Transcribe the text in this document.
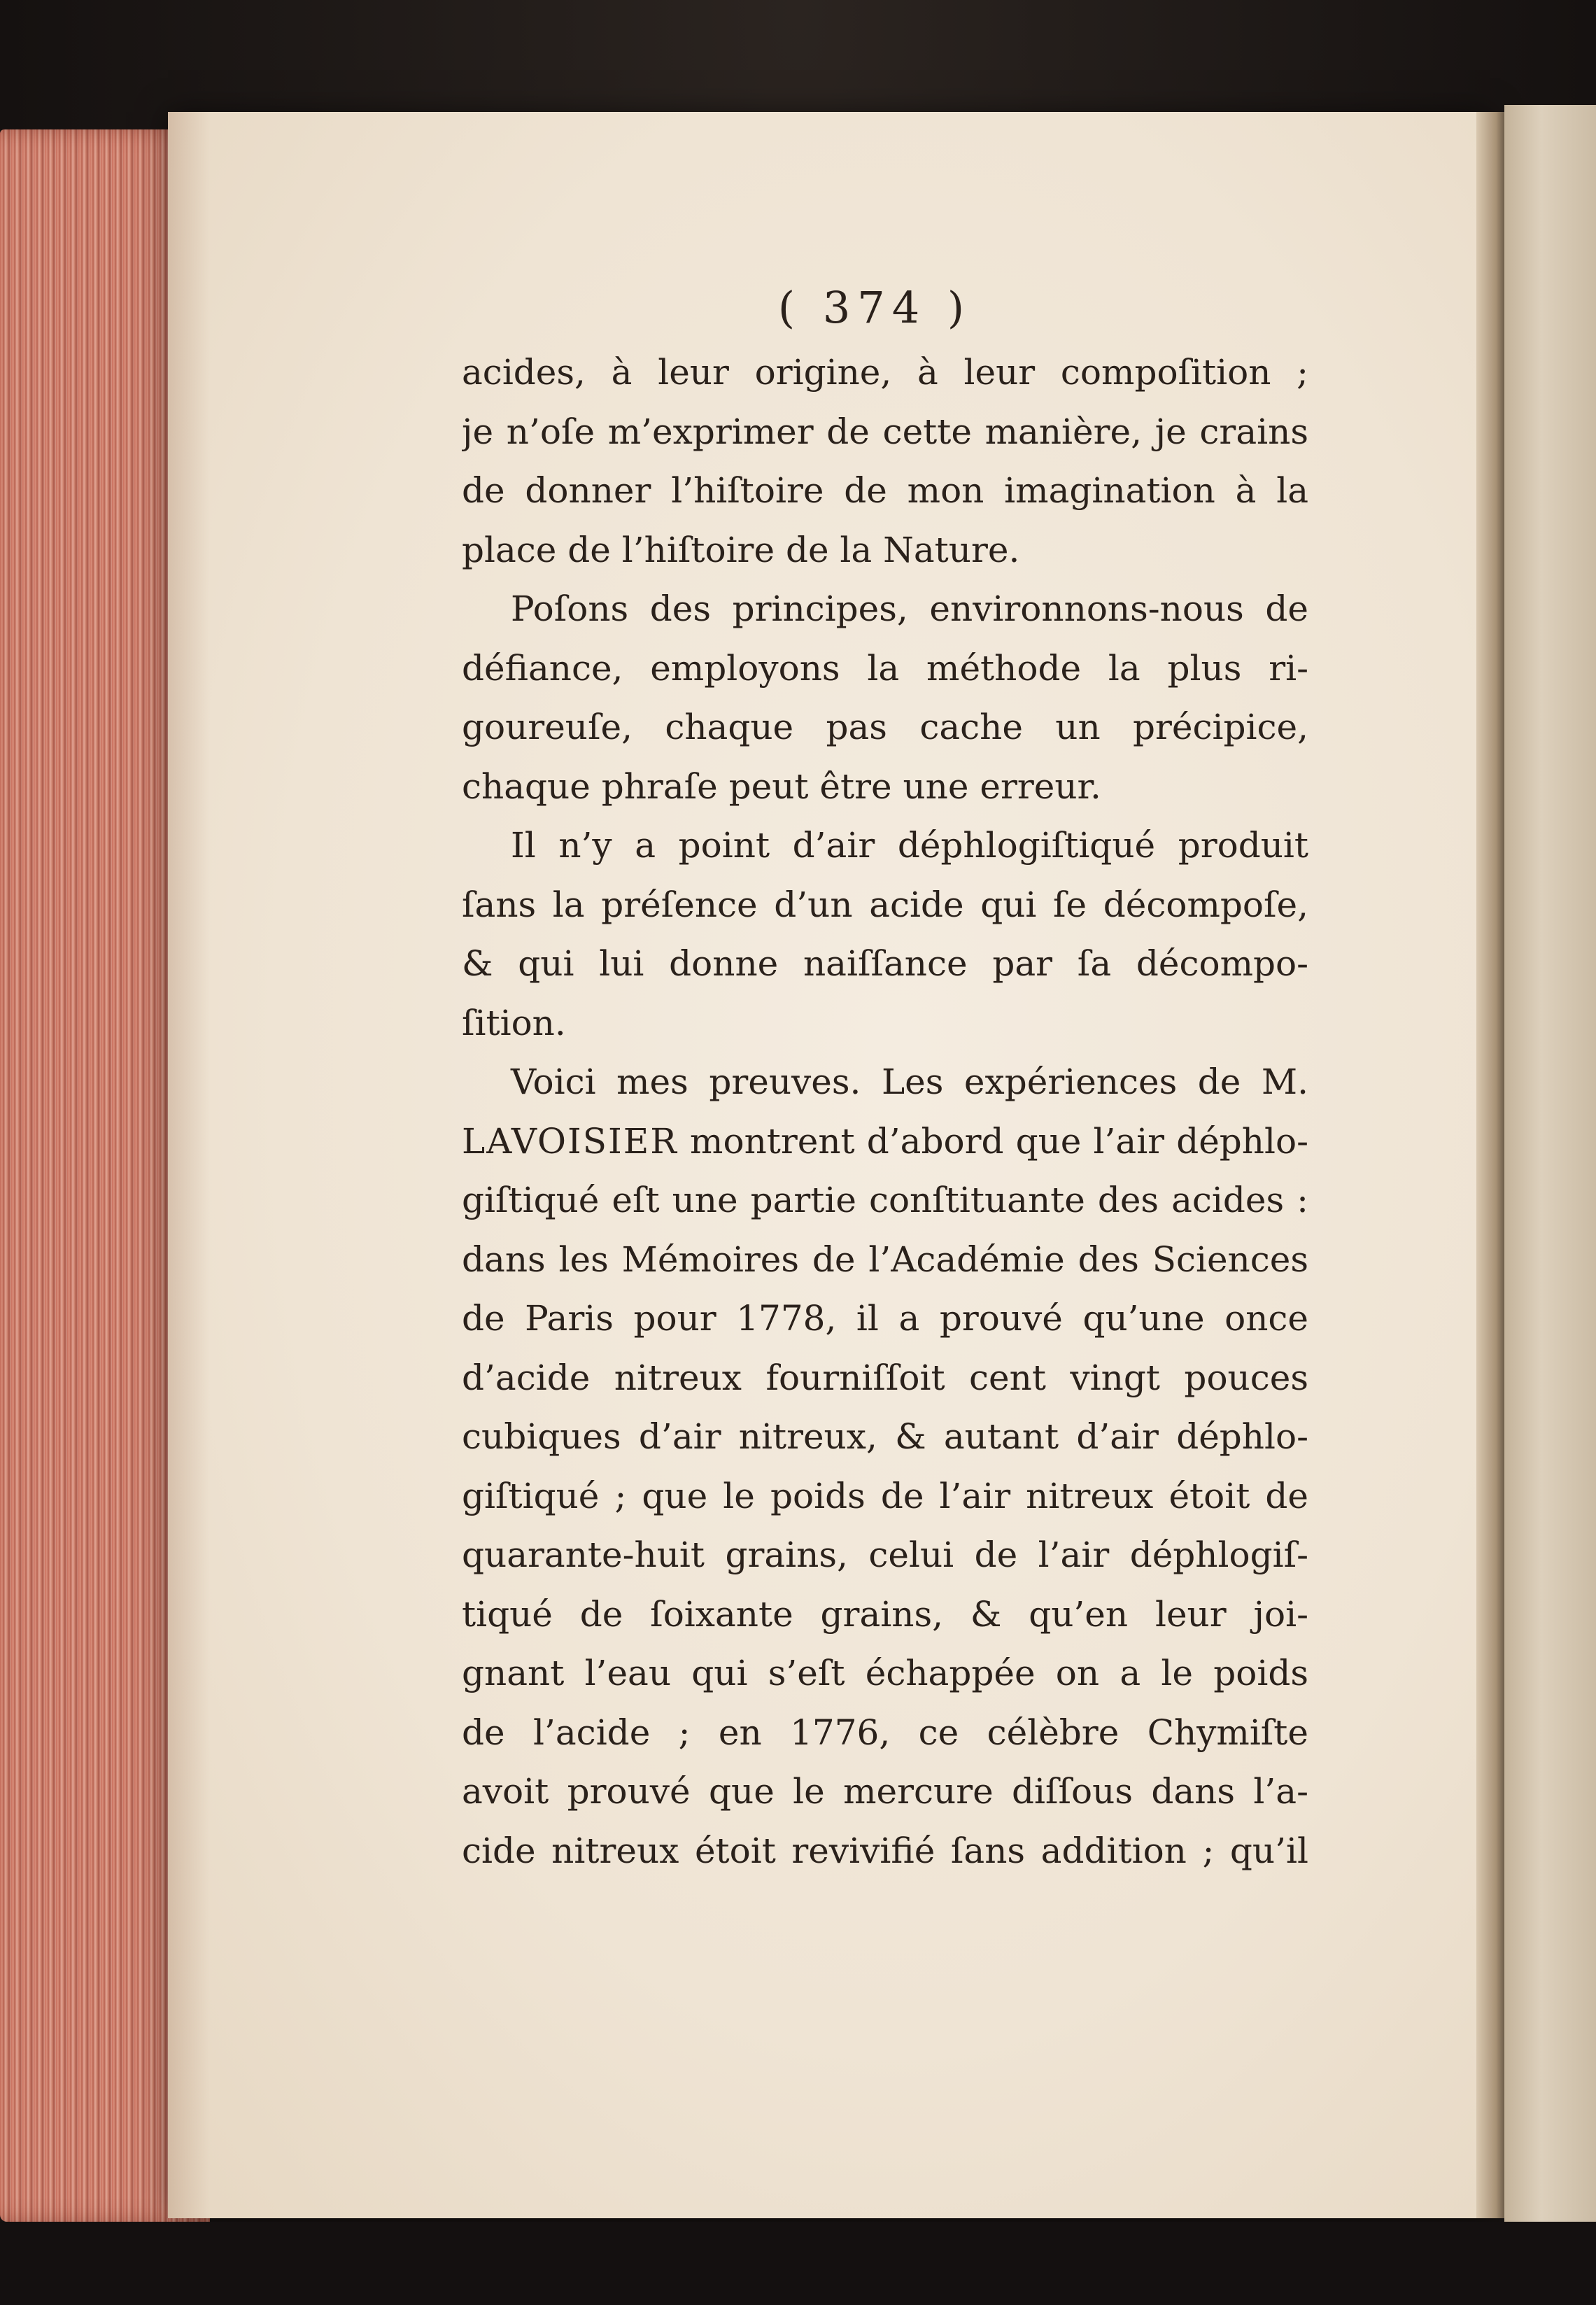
( 374 )
acides, à leur origine, à leur compoſition ;
je n’oſe m’exprimer de cette manière, je crains
de donner l’hiſtoire de mon imagination à la
place de l’hiſtoire de la Nature.
Poſons des principes, environnons-nous de
défiance, employons la méthode la plus ri-
goureuſe, chaque pas cache un précipice,
chaque phraſe peut être une erreur.
Il n’y a point d’air déphlogiſtiqué produit
ſans la préſence d’un acide qui ſe décompoſe,
& qui lui donne naiſſance par ſa décompo-
ſition.
Voici mes preuves. Les expériences de M.
LAVOISIER montrent d’abord que l’air déphlo-
giſtiqué eſt une partie conſtituante des acides :
dans les Mémoires de l’Académie des Sciences
de Paris pour 1778, il a prouvé qu’une once
d’acide nitreux fourniſſoit cent vingt pouces
cubiques d’air nitreux, & autant d’air déphlo-
giſtiqué ; que le poids de l’air nitreux étoit de
quarante-huit grains, celui de l’air déphlogiſ-
tiqué de ſoixante grains, & qu’en leur joi-
gnant l’eau qui s’eſt échappée on a le poids
de l’acide ; en 1776, ce célèbre Chymiſte
avoit prouvé que le mercure diſſous dans l’a-
cide nitreux étoit revivifié ſans addition ; qu’il
